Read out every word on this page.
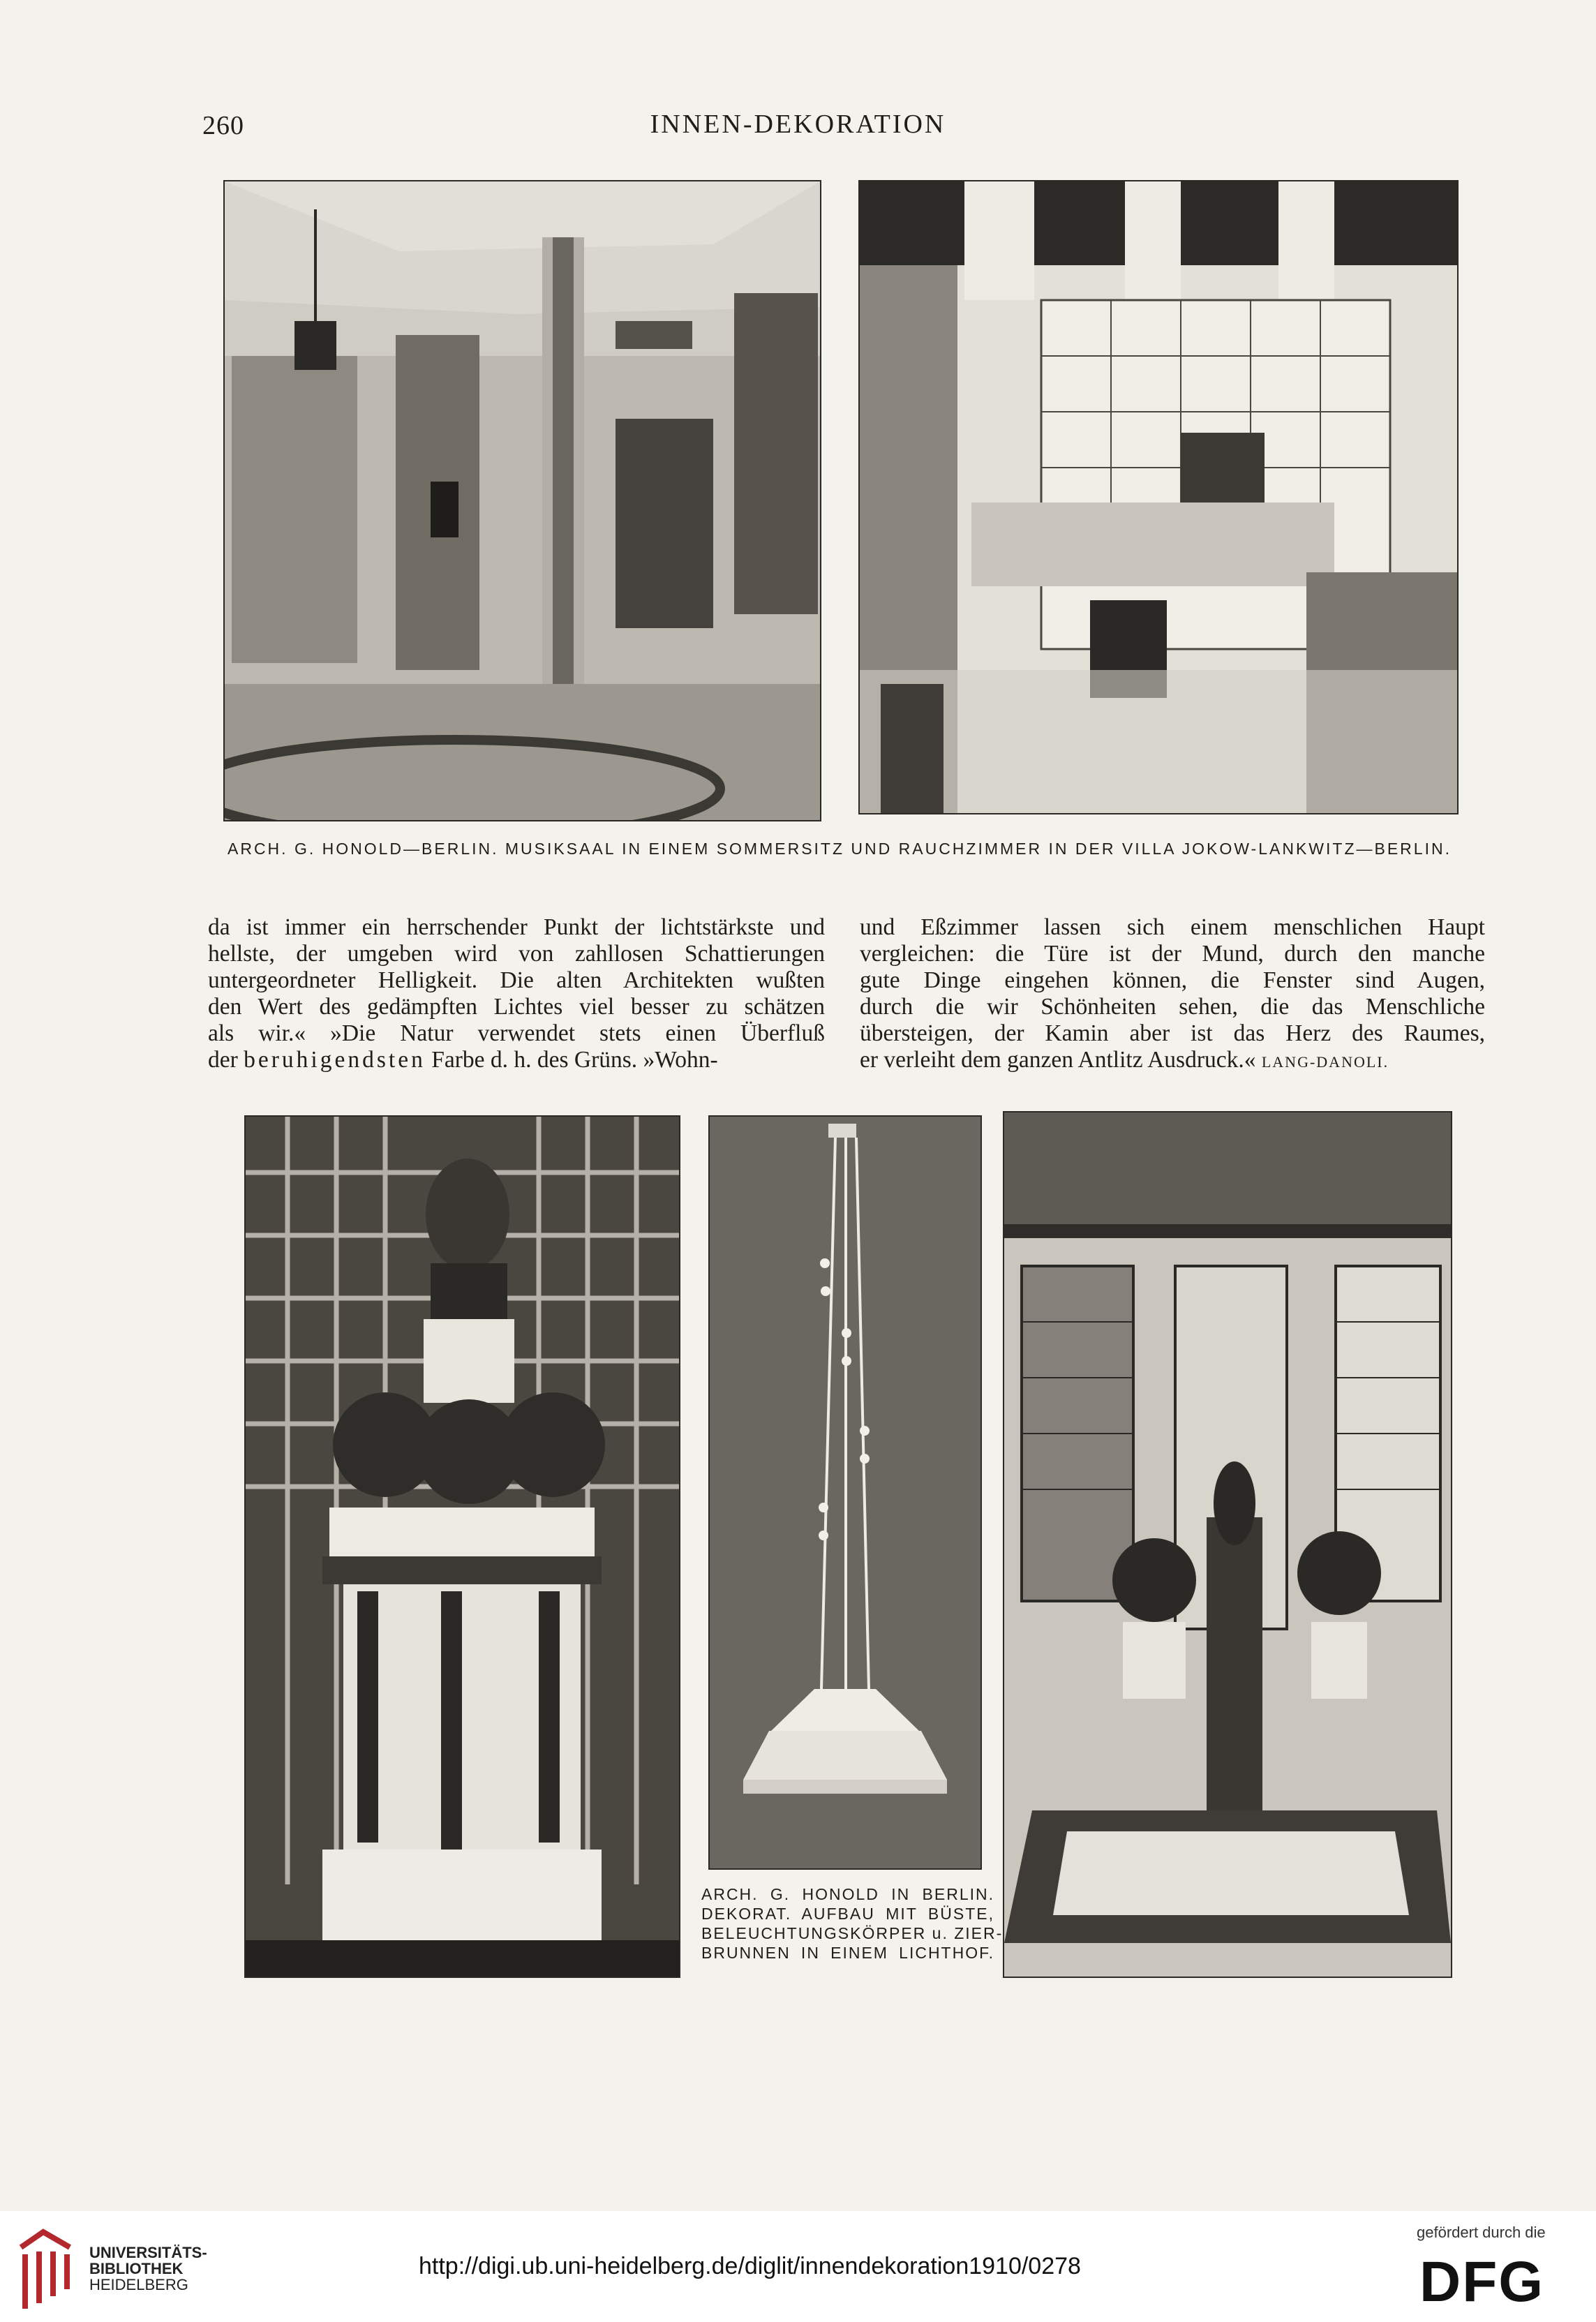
260	INNEN-DEKORATION
ARCH. G. HONOLD—BERLIN. MUSIKSAAL IN EINEM SOMMERSITZ UND RAUCHZIMMER IN DER VILLA JOKOW-LANKWITZ—BERLIN.
da ist immer ein herrschender Punkt der lichtstärkste und
hellste, der umgeben wird von zahllosen Schattierungen
untergeordneter Helligkeit. Die alten Architekten wußten
den Wert des gedämpften Lichtes viel besser zu schätzen
als wir.« »Die Natur verwendet stets einen Überfluß
der beruhigendsten Farbe d. h. des Grüns. »Wohn-
und Eßzimmer lassen sich einem menschlichen Haupt
vergleichen: die Türe ist der Mund, durch den manche
gute Dinge eingehen können, die Fenster sind Augen,
durch die wir Schönheiten sehen, die das Menschliche
übersteigen, der Kamin aber ist das Herz des Raumes,
er verleiht dem ganzen Antlitz Ausdruck.« LANG-DANOLI.
ARCH. G. HONOLD IN BERLIN.
DEKORAT. AUFBAU MIT BÜSTE,
BELEUCHTUNGSKÖRPER u. ZIER-
BRUNNEN IN EINEM LICHTHOF.
UNIVERSITÄTS-
BIBLIOTHEK
HEIDELBERG
http://digi.ub.uni-heidelberg.de/diglit/innendekoration1910/0278
gefördert durch die
DFG
